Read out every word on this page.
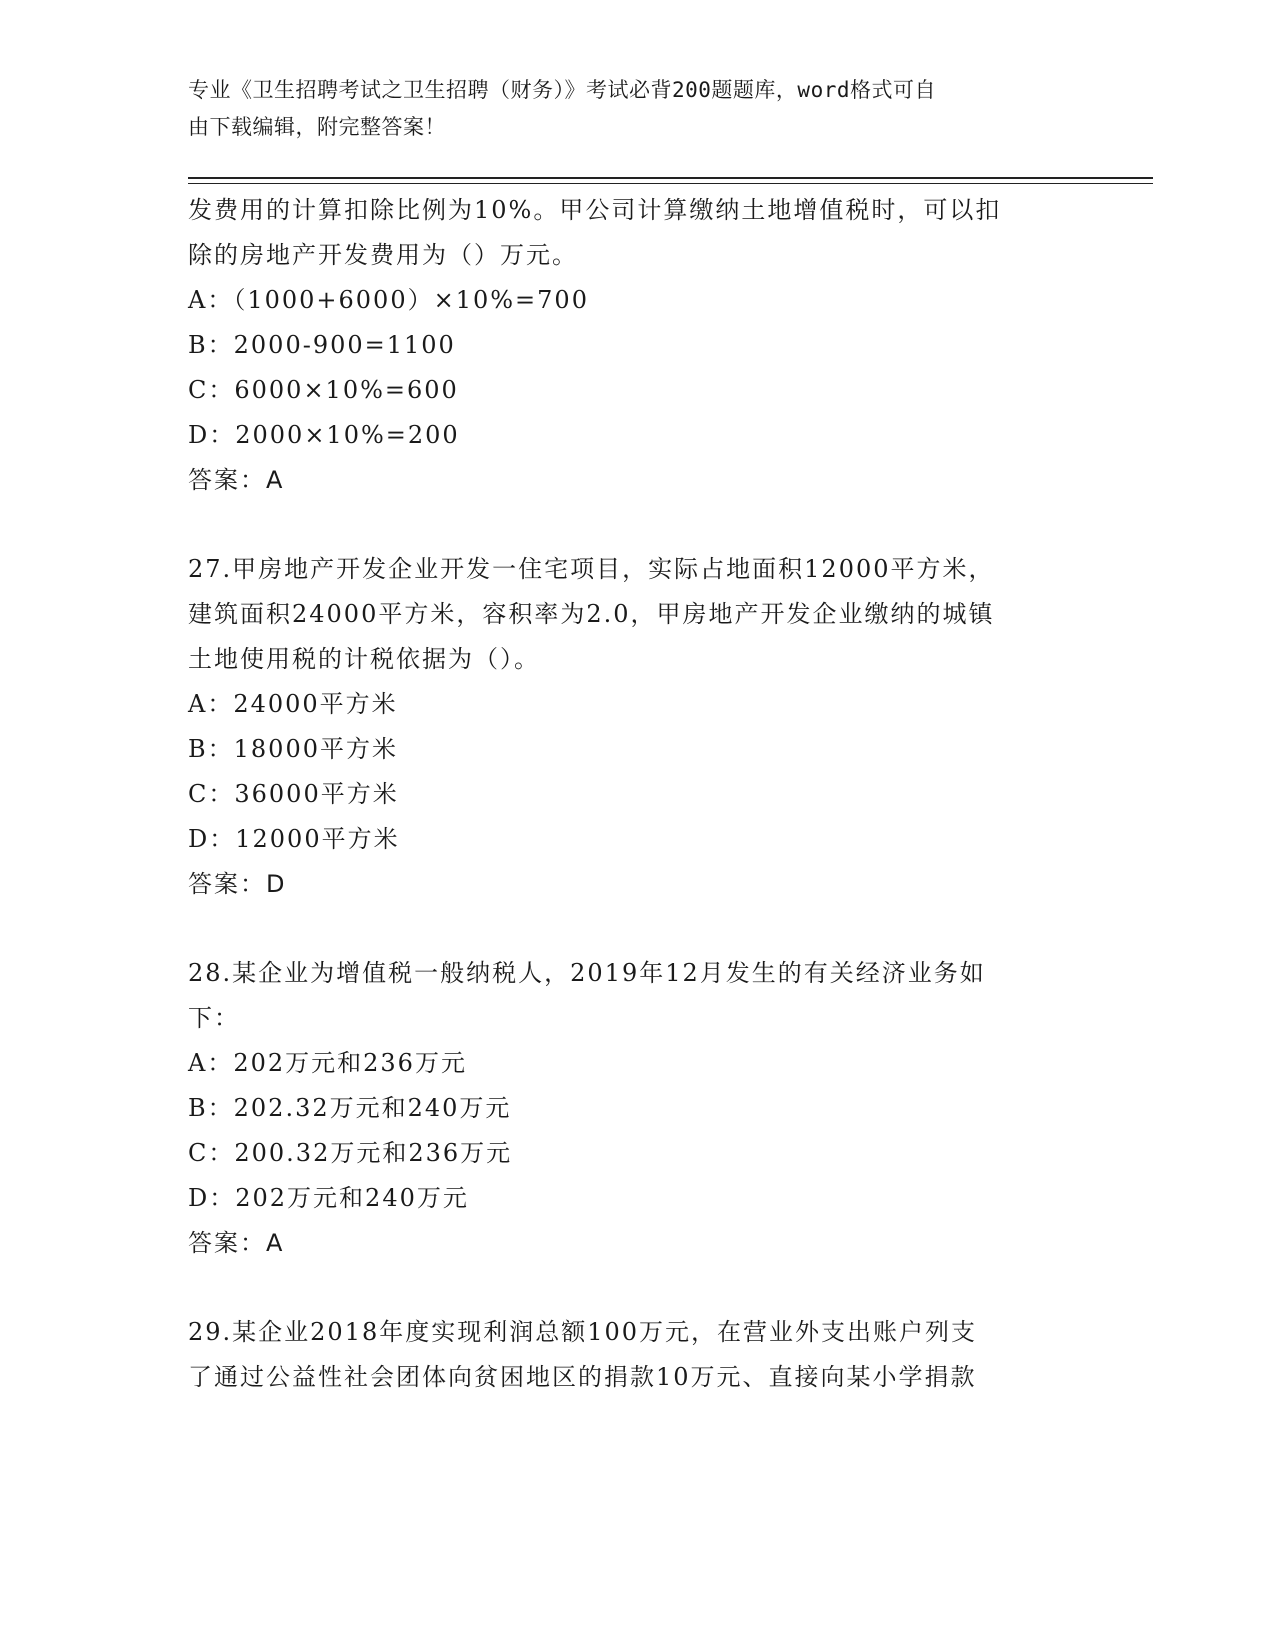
专业《卫生招聘考试之卫生招聘（财务）》考试必背200题题库，word格式可自
由下载编辑，附完整答案！
发费用的计算扣除比例为10%。甲公司计算缴纳土地增值税时，可以扣
除的房地产开发费用为（）万元。
A：（1000+6000）×10%=700
B：2000-900=1100
C：6000×10%=600
D：2000×10%=200
答案：A
27.甲房地产开发企业开发一住宅项目，实际占地面积12000平方米，
建筑面积24000平方米，容积率为2.0，甲房地产开发企业缴纳的城镇
土地使用税的计税依据为（）。
A：24000平方米
B：18000平方米
C：36000平方米
D：12000平方米
答案：D
28.某企业为增值税一般纳税人，2019年12月发生的有关经济业务如
下：
A：202万元和236万元
B：202.32万元和240万元
C：200.32万元和236万元
D：202万元和240万元
答案：A
29.某企业2018年度实现利润总额100万元，在营业外支出账户列支
了通过公益性社会团体向贫困地区的捐款10万元、直接向某小学捐款
